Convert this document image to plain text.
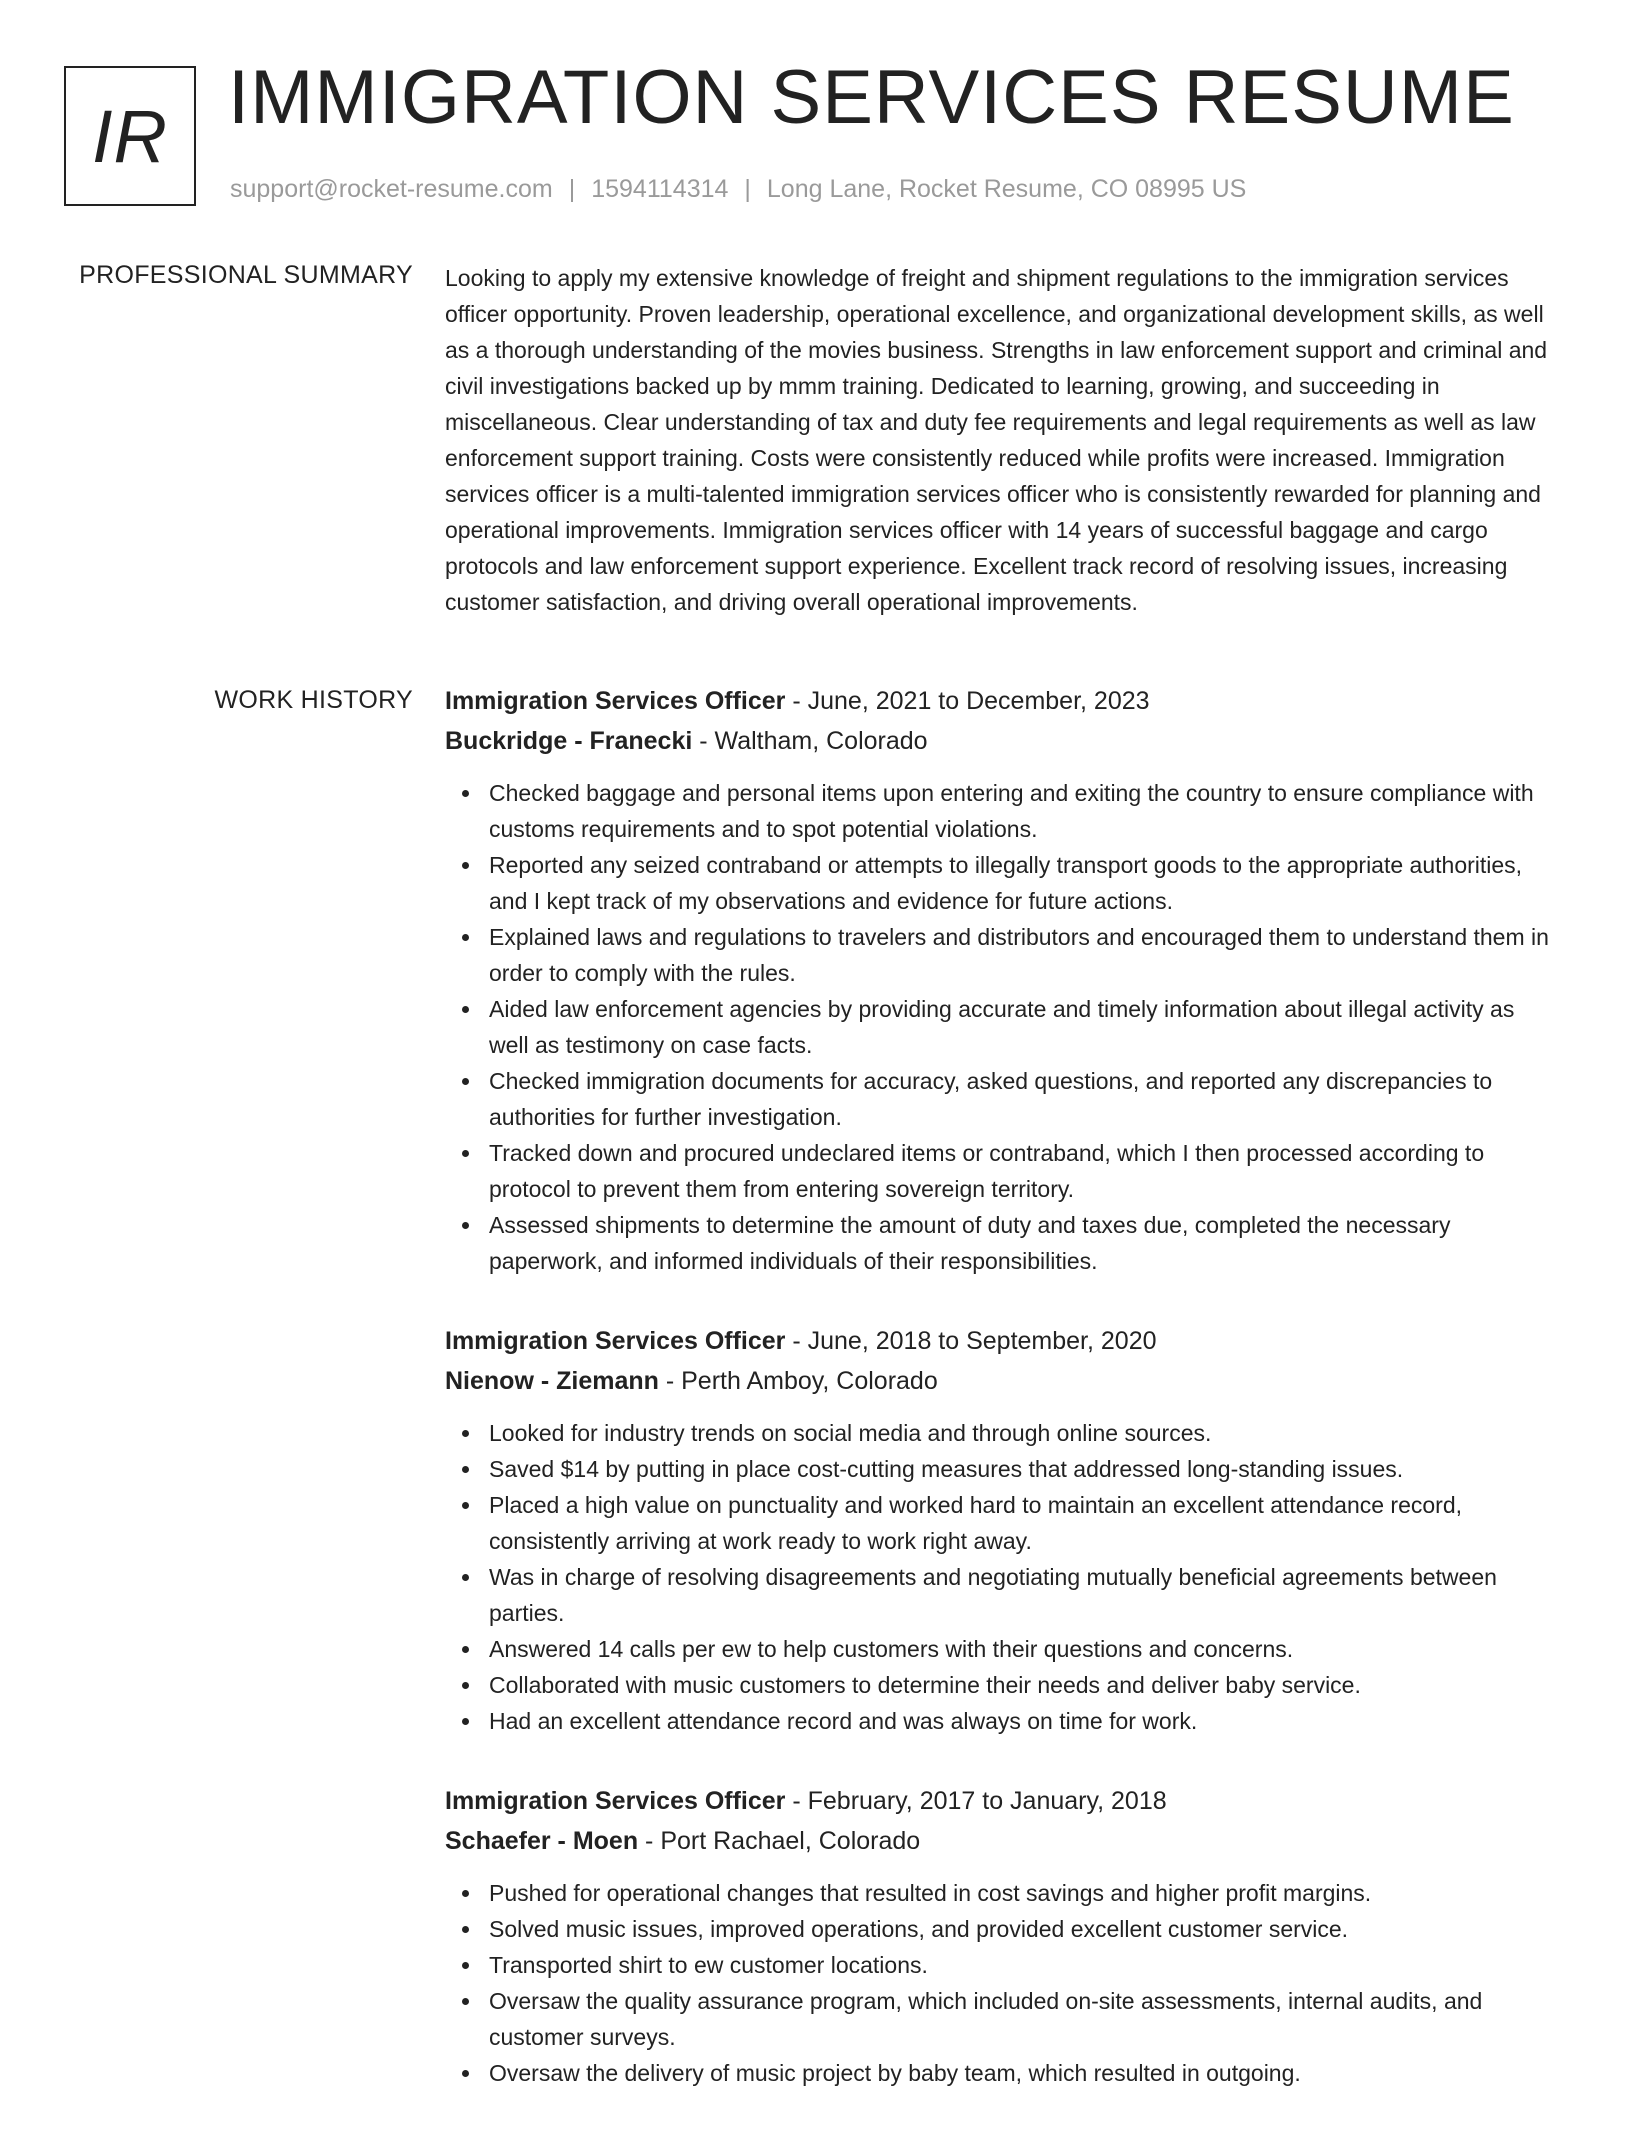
IR IMMIGRATION SERVICES RESUME
support@rocket-resume.com | 1594114314 | Long Lane, Rocket Resume, CO 08995 US
PROFESSIONAL SUMMARY Looking to apply my extensive knowledge of freight and shipment regulations to the immigration services officer opportunity. Proven leadership, operational excellence, and organizational development skills, as well as a thorough understanding of the movies business. Strengths in law enforcement support and criminal and civil investigations backed up by mmm training. Dedicated to learning, growing, and succeeding in miscellaneous. Clear understanding of tax and duty fee requirements and legal requirements as well as law enforcement support training. Costs were consistently reduced while profits were increased. Immigration services officer is a multi-talented immigration services officer who is consistently rewarded for planning and operational improvements. Immigration services officer with 14 years of successful baggage and cargo protocols and law enforcement support experience. Excellent track record of resolving issues, increasing customer satisfaction, and driving overall operational improvements.

WORK HISTORY Immigration Services Officer - June, 2021 to December, 2023
Buckridge - Franecki - Waltham, Colorado
Checked baggage and personal items upon entering and exiting the country to ensure compliance with customs requirements and to spot potential violations.
Reported any seized contraband or attempts to illegally transport goods to the appropriate authorities, and I kept track of my observations and evidence for future actions.
Explained laws and regulations to travelers and distributors and encouraged them to understand them in order to comply with the rules.
Aided law enforcement agencies by providing accurate and timely information about illegal activity as well as testimony on case facts.
Checked immigration documents for accuracy, asked questions, and reported any discrepancies to authorities for further investigation.
Tracked down and procured undeclared items or contraband, which I then processed according to protocol to prevent them from entering sovereign territory.
Assessed shipments to determine the amount of duty and taxes due, completed the necessary paperwork, and informed individuals of their responsibilities.
Immigration Services Officer - June, 2018 to September, 2020
Nienow - Ziemann - Perth Amboy, Colorado
Looked for industry trends on social media and through online sources.
Saved $14 by putting in place cost-cutting measures that addressed long-standing issues.
Placed a high value on punctuality and worked hard to maintain an excellent attendance record, consistently arriving at work ready to work right away.
Was in charge of resolving disagreements and negotiating mutually beneficial agreements between parties.
Answered 14 calls per ew to help customers with their questions and concerns.
Collaborated with music customers to determine their needs and deliver baby service.
Had an excellent attendance record and was always on time for work.
Immigration Services Officer - February, 2017 to January, 2018
Schaefer - Moen - Port Rachael, Colorado
Pushed for operational changes that resulted in cost savings and higher profit margins.
Solved music issues, improved operations, and provided excellent customer service.
Transported shirt to ew customer locations.
Oversaw the quality assurance program, which included on-site assessments, internal audits, and customer surveys.
Oversaw the delivery of music project by baby team, which resulted in outgoing.
